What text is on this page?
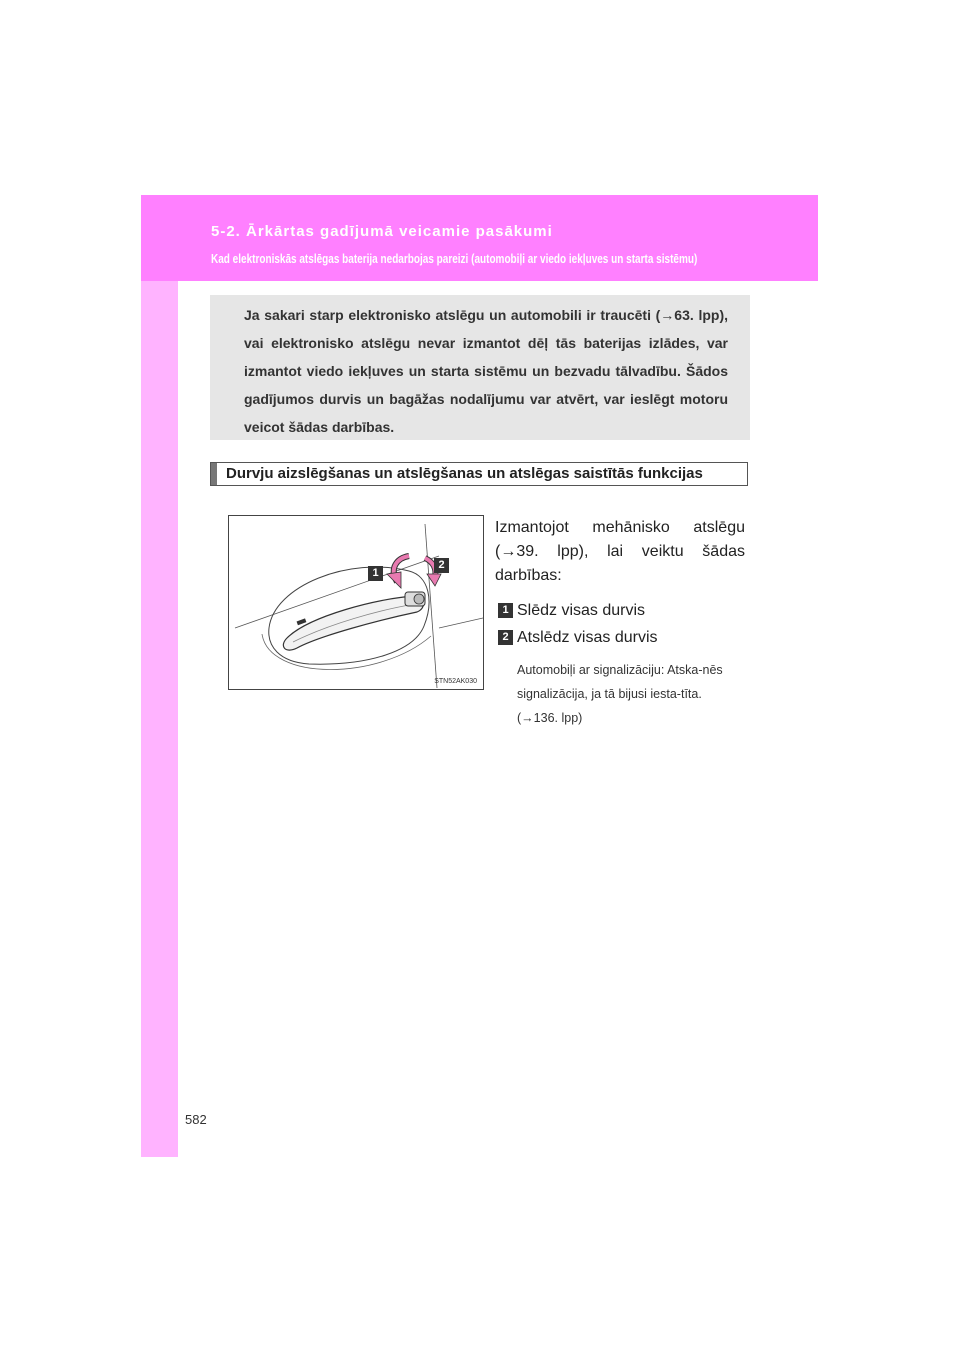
5-2. Ārkārtas gadījumā veicamie pasākumi
Kad elektroniskās atslēgas baterija nedarbojas pareizi (automobiļi ar viedo iekļuves un starta sistēmu)
Ja sakari starp elektronisko atslēgu un automobili ir traucēti (→63. lpp), vai elektronisko atslēgu nevar izmantot dēļ tās baterijas izlādes, var izmantot viedo iekļuves un starta sistēmu un bezvadu tālvadību. Šādos gadījumos durvis un bagāžas nodalījumu var atvērt, var ieslēgt motoru veicot šādas darbības.
Durvju aizslēgšanas un atslēgšanas un atslēgas saistītās funkcijas
1
2
STN52AK030

Izmantojot mehānisko atslēgu (→39. lpp), lai veiktu šādas darbības:

1 Slēdz visas durvis
2 Atslēdz visas durvis
Automobiļi ar signalizāciju: Atska-nēs signalizācija, ja tā bijusi iesta-tīta.
(→136. lpp)
582
